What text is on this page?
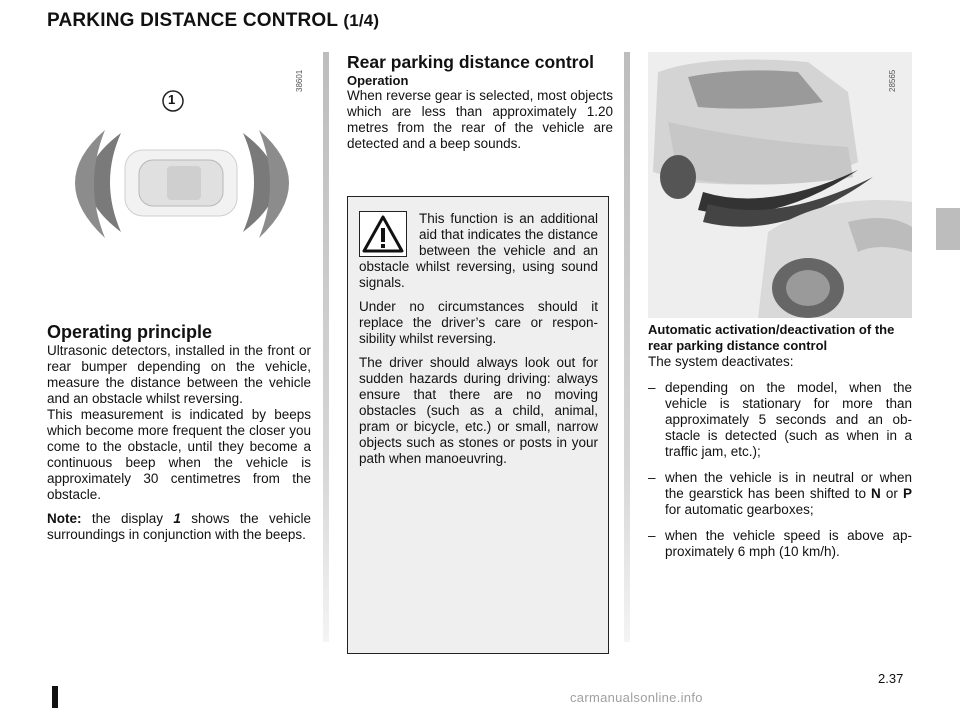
PARKING DISTANCE CONTROL (1/4)
38601
1
Operating principle

Ultrasonic detectors, installed in the front or rear bumper depending on the vehicle, measure the distance between the vehicle and an obstacle whilst reversing.

This measurement is indicated by beeps which become more frequent the closer you come to the obstacle, until they become a continuous beep when the vehicle is approximately 30 centimetres from the obstacle.

Note: the display 1 shows the vehicle surroundings in conjunction with the beeps.

Rear parking distance control
Operation

When reverse gear is selected, most objects which are less than approximately 1.20 metres from the rear of the vehicle are detected and a beep sounds.

This function is an additional aid that indicates the distance between the vehicle and an obstacle whilst reversing, using sound signals.

Under no circumstances should it replace the driver’s care or responsibility whilst reversing.

The driver should always look out for sudden hazards during driving: always ensure that there are no moving obstacles (such as a child, animal, pram or bicycle, etc.) or small, narrow objects such as stones or posts in your path when manoeuvring.

28565
Automatic activation/deactivation of the rear parking distance control

The system deactivates:

– depending on the model, when the vehicle is stationary for more than approximately 5 seconds and an obstacle is detected (such as when in a traffic jam, etc.);
– when the vehicle is in neutral or when the gearstick has been shifted to N or P for automatic gearboxes;
– when the vehicle speed is above approximately 6 mph (10 km/h).
2.37
carmanualsonline.info
